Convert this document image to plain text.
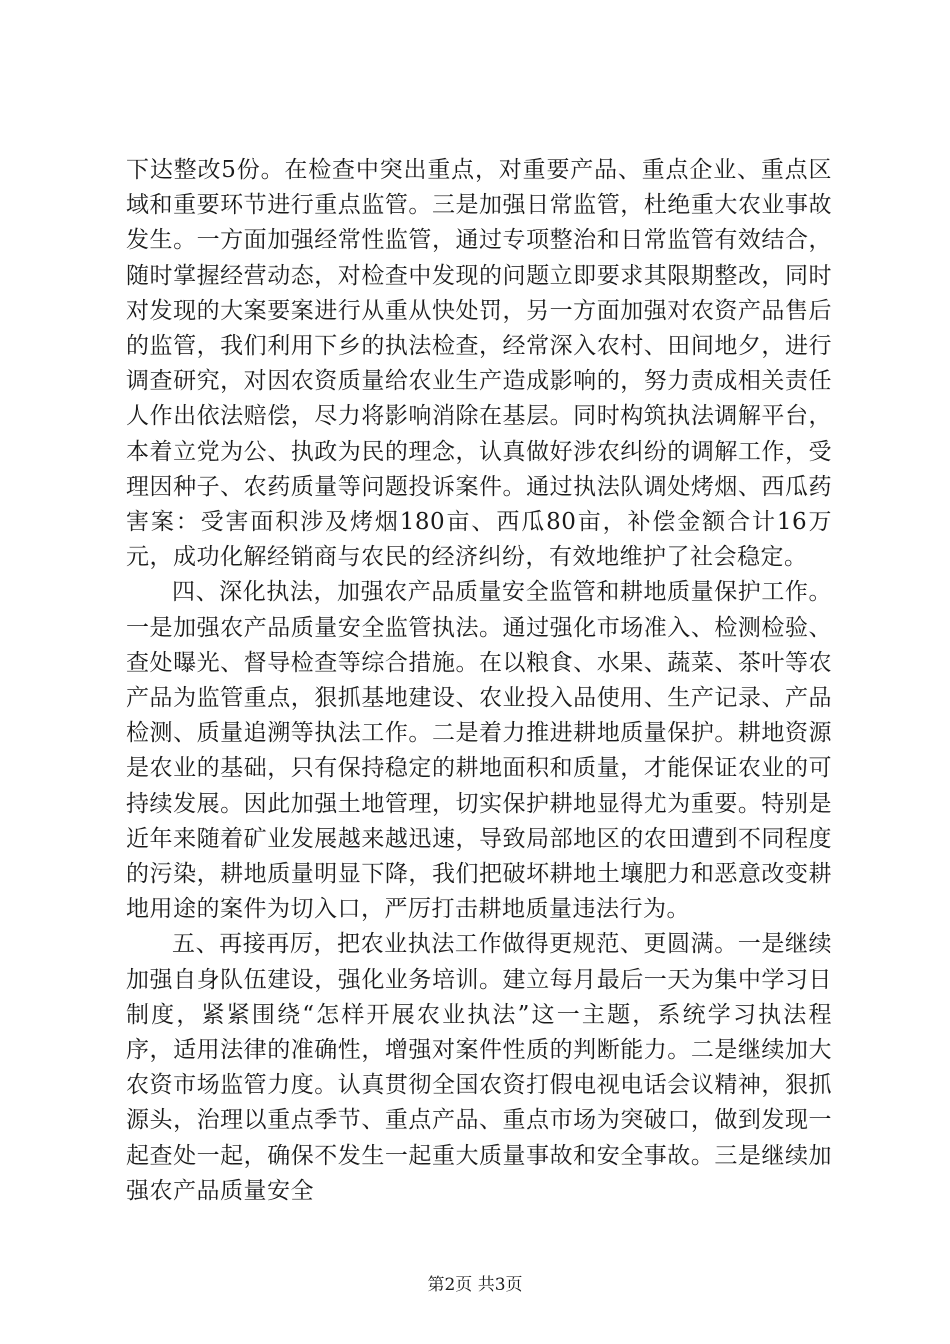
下达整改5份。在检查中突出重点，对重要产品、重点企业、重点区域和重要环节进行重点监管。三是加强日常监管，杜绝重大农业事故发生。一方面加强经常性监管，通过专项整治和日常监管有效结合，随时掌握经营动态，对检查中发现的问题立即要求其限期整改，同时对发现的大案要案进行从重从快处罚，另一方面加强对农资产品售后的监管，我们利用下乡的执法检查，经常深入农村、田间地夕，进行调查研究，对因农资质量给农业生产造成影响的，努力责成相关责任人作出依法赔偿，尽力将影响消除在基层。同时构筑执法调解平台，本着立党为公、执政为民的理念，认真做好涉农纠纷的调解工作，受理因种子、农药质量等问题投诉案件。通过执法队调处烤烟、西瓜药害案：受害面积涉及烤烟180亩、西瓜80亩，补偿金额合计16万元，成功化解经销商与农民的经济纠纷，有效地维护了社会稳定。

四、深化执法，加强农产品质量安全监管和耕地质量保护工作。一是加强农产品质量安全监管执法。通过强化市场准入、检测检验、查处曝光、督导检查等综合措施。在以粮食、水果、蔬菜、茶叶等农产品为监管重点，狠抓基地建设、农业投入品使用、生产记录、产品检测、质量追溯等执法工作。二是着力推进耕地质量保护。耕地资源是农业的基础，只有保持稳定的耕地面积和质量，才能保证农业的可持续发展。因此加强土地管理，切实保护耕地显得尤为重要。特别是近年来随着矿业发展越来越迅速，导致局部地区的农田遭到不同程度的污染，耕地质量明显下降，我们把破坏耕地土壤肥力和恶意改变耕地用途的案件为切入口，严厉打击耕地质量违法行为。

五、再接再厉，把农业执法工作做得更规范、更圆满。一是继续加强自身队伍建设，强化业务培训。建立每月最后一天为集中学习日制度，紧紧围绕“怎样开展农业执法”这一主题，系统学习执法程序，适用法律的准确性，增强对案件性质的判断能力。二是继续加大农资市场监管力度。认真贯彻全国农资打假电视电话会议精神，狠抓源头，治理以重点季节、重点产品、重点市场为突破口，做到发现一起查处一起，确保不发生一起重大质量事故和安全事故。三是继续加强农产品质量安全

第2页 共3页
